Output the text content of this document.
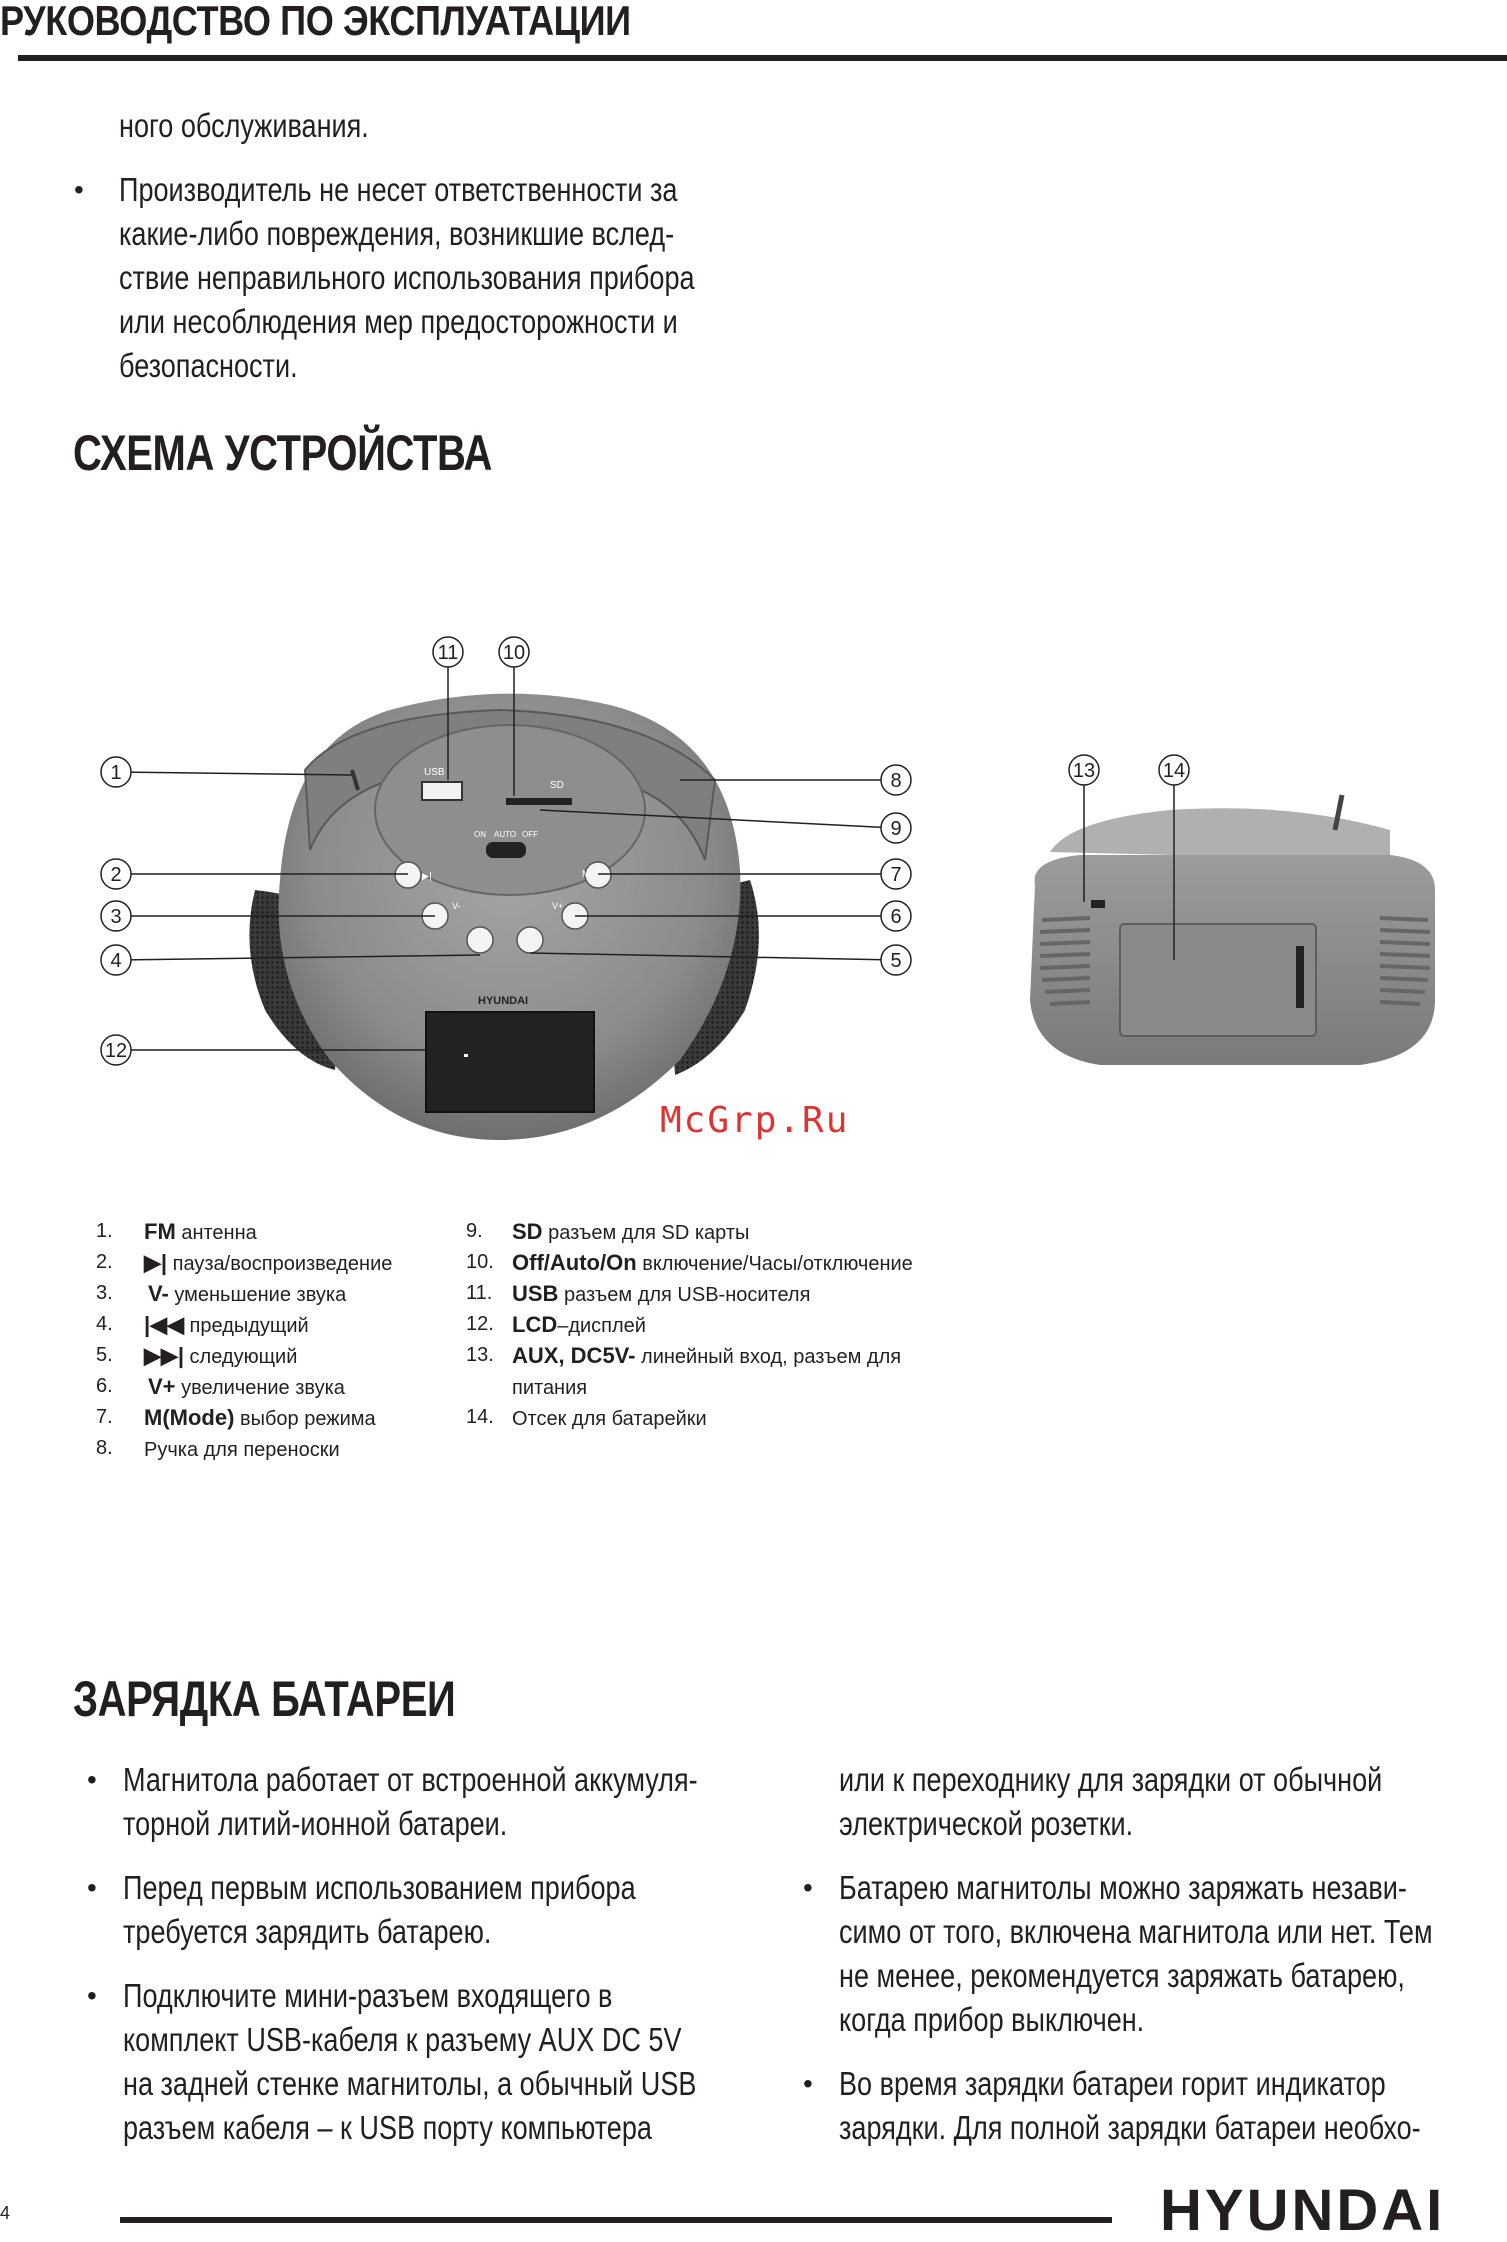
РУКОВОДСТВО ПО ЭКСПЛУАТАЦИИ
ного обслуживания.
• Производитель не несет ответственности за
какие-либо повреждения, возникшие вслед-
ствие неправильного использования прибора
или несоблюдения мер предосторожности и
безопасности.
СХЕМА УСТРОЙСТВА
USB
SD
ON AUTO OFF
▶|	M
V-	V+
HYUNDAI
1
2
3
4	5
6
7
8
9
10
11
12
13	14
McGrp.Ru
1. FM антенна
2. ▶| пауза/воспроизведение
3. V- уменьшение звука
4. |◀◀ предыдущий
5. ▶▶| следующий
6. V+ увеличение звука
7. M(Mode) выбор режима
8. Ручка для переноски
9. SD разъем для SD карты
10. Off/Auto/On включение/Часы/отключение
11. USB разъем для USB-носителя
12. LCD–дисплей
13. AUX, DC5V- линейный вход, разъем для
питания
14. Отсек для батарейки
ЗАРЯДКА БАТАРЕИ
• Магнитола работает от встроенной аккумуля-
торной литий-ионной батареи.
• Перед первым использованием прибора
требуется зарядить батарею.
• Подключите мини-разъем входящего в
комплект USB-кабеля к разъему AUX DC 5V
на задней стенке магнитолы, а обычный USB
разъем кабеля – к USB порту компьютера
или к переходнику для зарядки от обычной
электрической розетки.
• Батарею магнитолы можно заряжать незави-
симо от того, включена магнитола или нет. Тем
не менее, рекомендуется заряжать батарею,
когда прибор выключен.
• Во время зарядки батареи горит индикатор
зарядки. Для полной зарядки батареи необхо-
4	HYUNDAI
